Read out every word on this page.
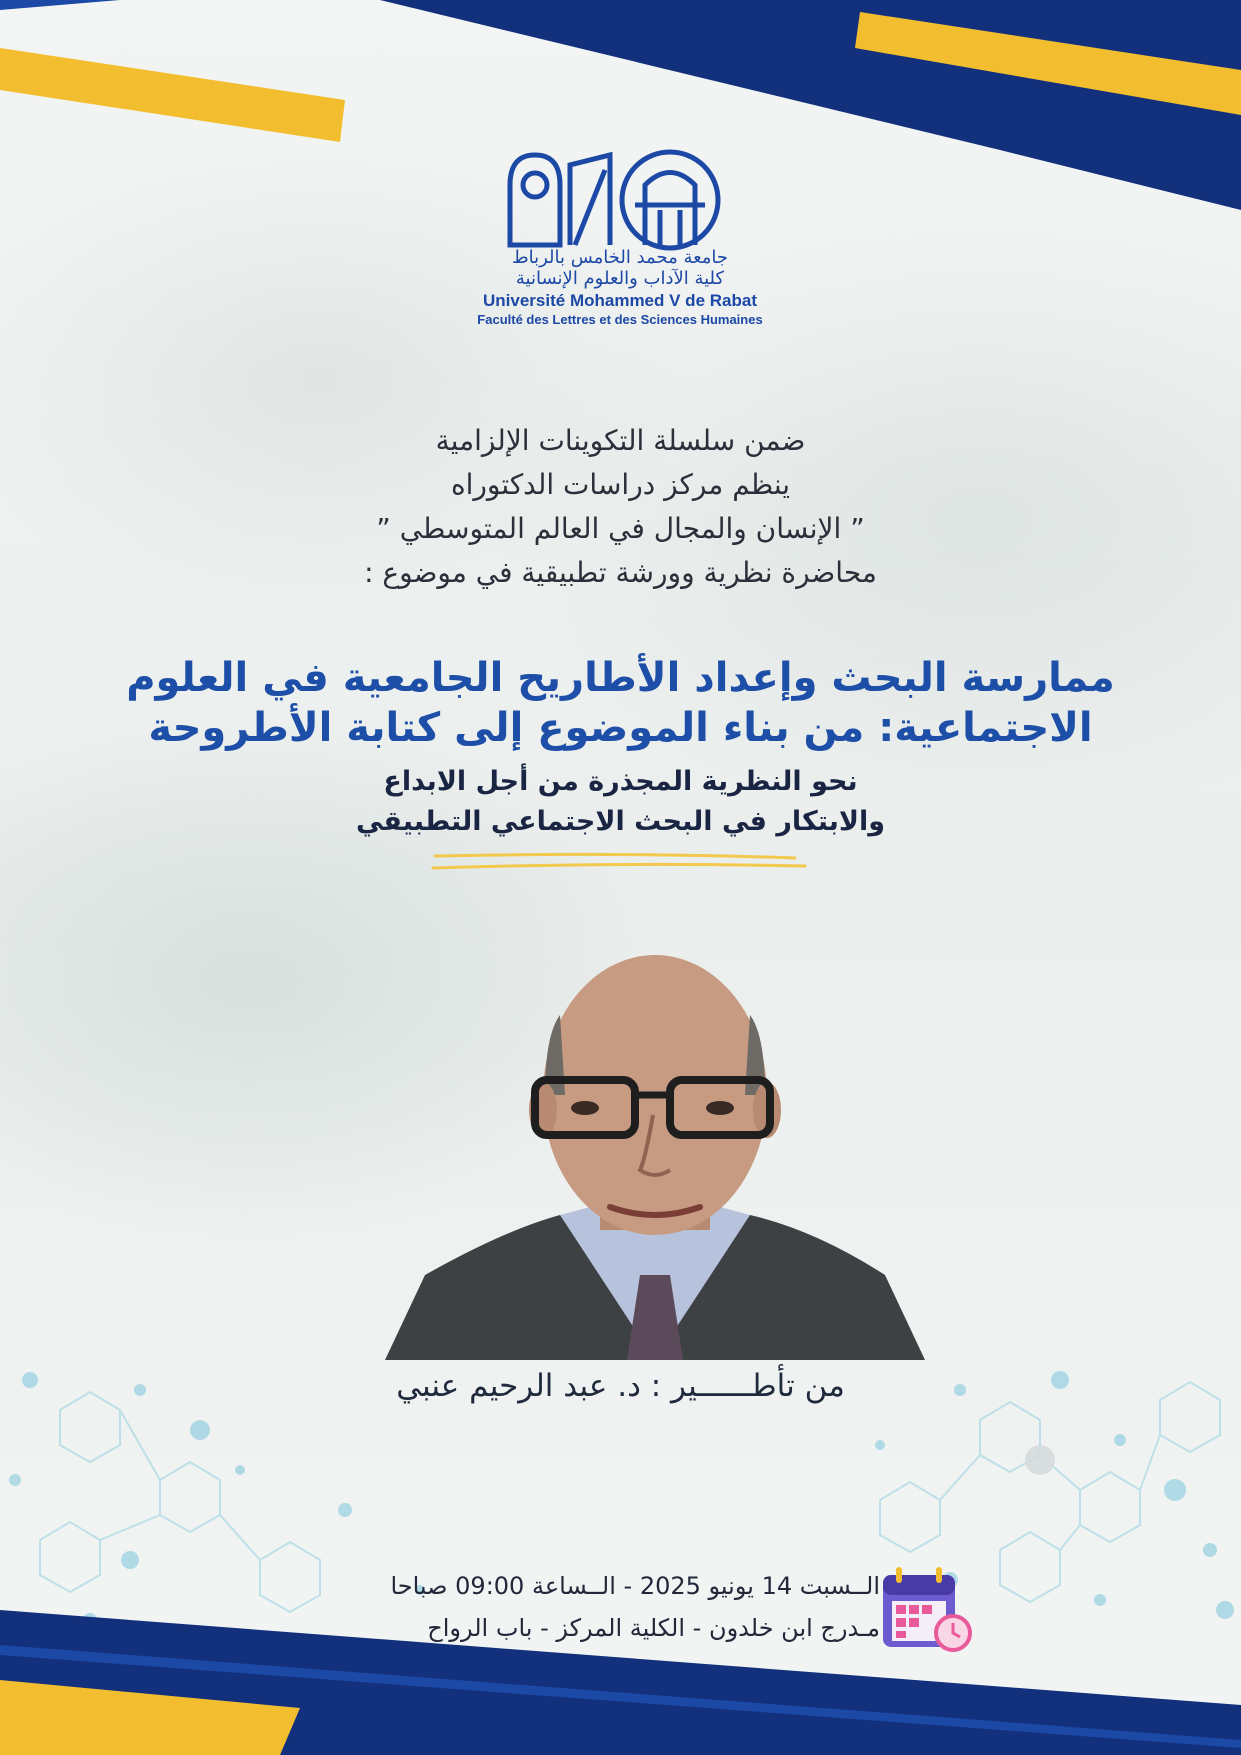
جامعة محمد الخامس بالرباط
كلية الآداب والعلوم الإنسانية
Université Mohammed V de Rabat
Faculté des Lettres et des Sciences Humaines
ضمن سلسلة التكوينات الإلزامية
ينظم مركز دراسات الدكتوراه
” الإنسان والمجال في العالم المتوسطي ”
محاضرة نظرية وورشة تطبيقية في موضوع :
ممارسة البحث وإعداد الأطاريح الجامعية في العلوم
الاجتماعية: من بناء الموضوع إلى كتابة الأطروحة
نحو النظرية المجذرة من أجل الابداع
والابتكار في البحث الاجتماعي التطبيقي
من تأطــــــير : د. عبد الرحيم عنبي
الــسبت 14 يونيو 2025 - الــساعة 09:00 صباحا
مـدرج ابن خلدون - الكلية المركز - باب الرواح
